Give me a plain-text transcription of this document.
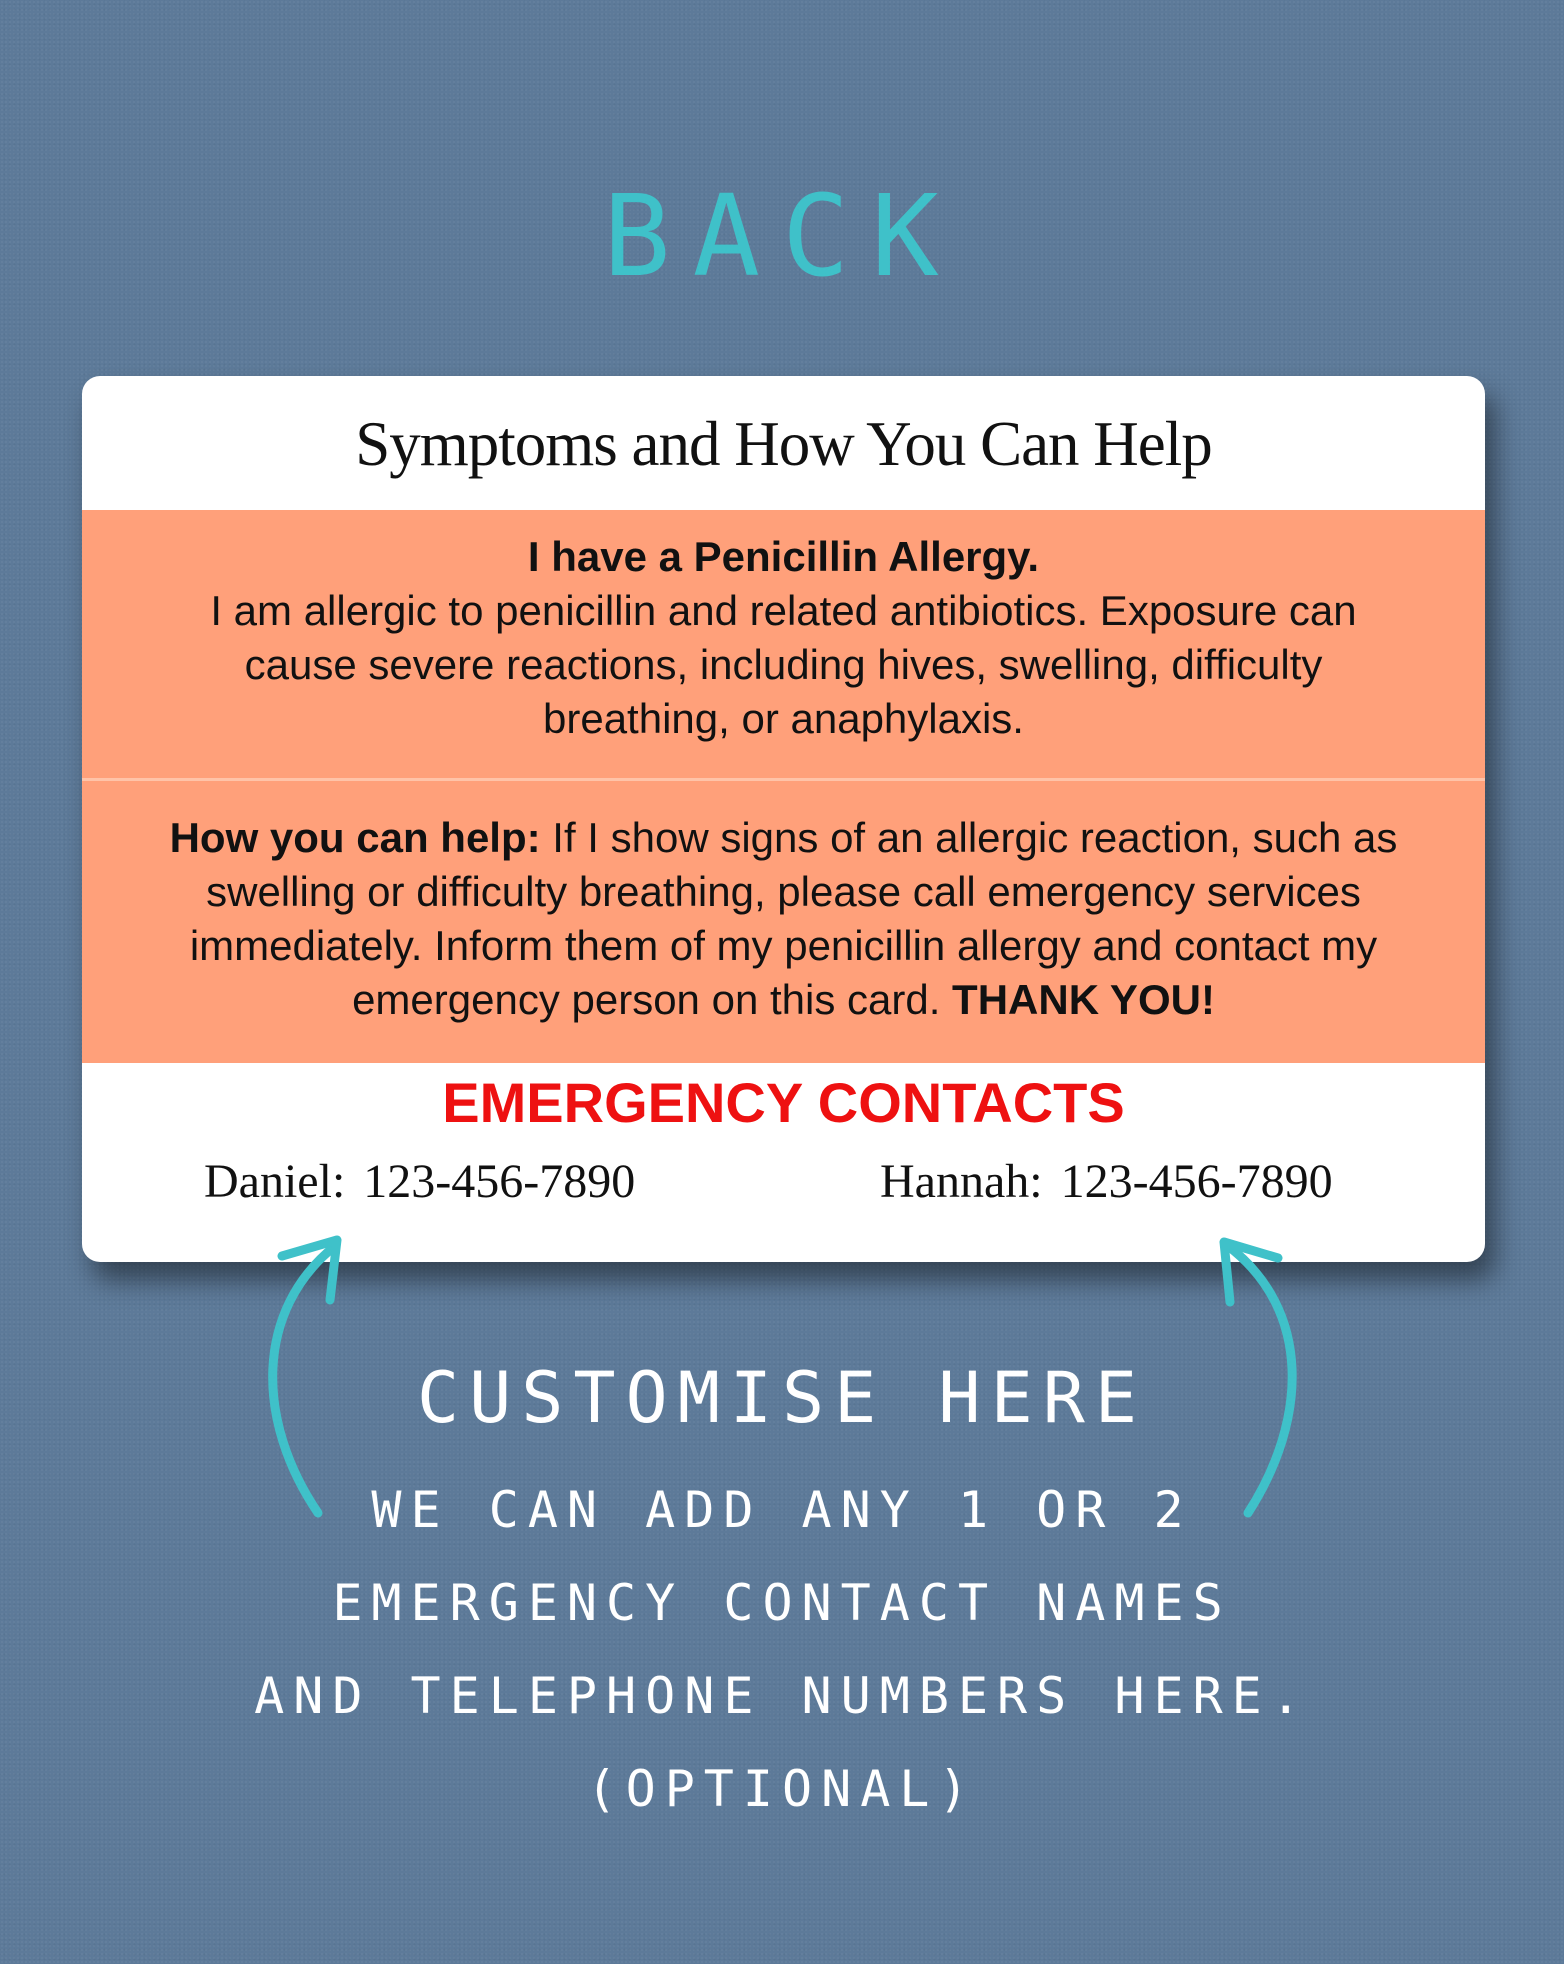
BACK
Symptoms and How You Can Help
I have a Penicillin Allergy.
I am allergic to penicillin and related antibiotics. Exposure can cause severe reactions, including hives, swelling, difficulty breathing, or anaphylaxis.
How you can help: If I show signs of an allergic reaction, such as swelling or difficulty breathing, please call emergency services immediately. Inform them of my penicillin allergy and contact my emergency person on this card. THANK YOU!
EMERGENCY CONTACTS
Daniel: 123-456-7890	Hannah: 123-456-7890
CUSTOMISE HERE
WE CAN ADD ANY 1 OR 2
EMERGENCY CONTACT NAMES
AND TELEPHONE NUMBERS HERE.
(OPTIONAL)
